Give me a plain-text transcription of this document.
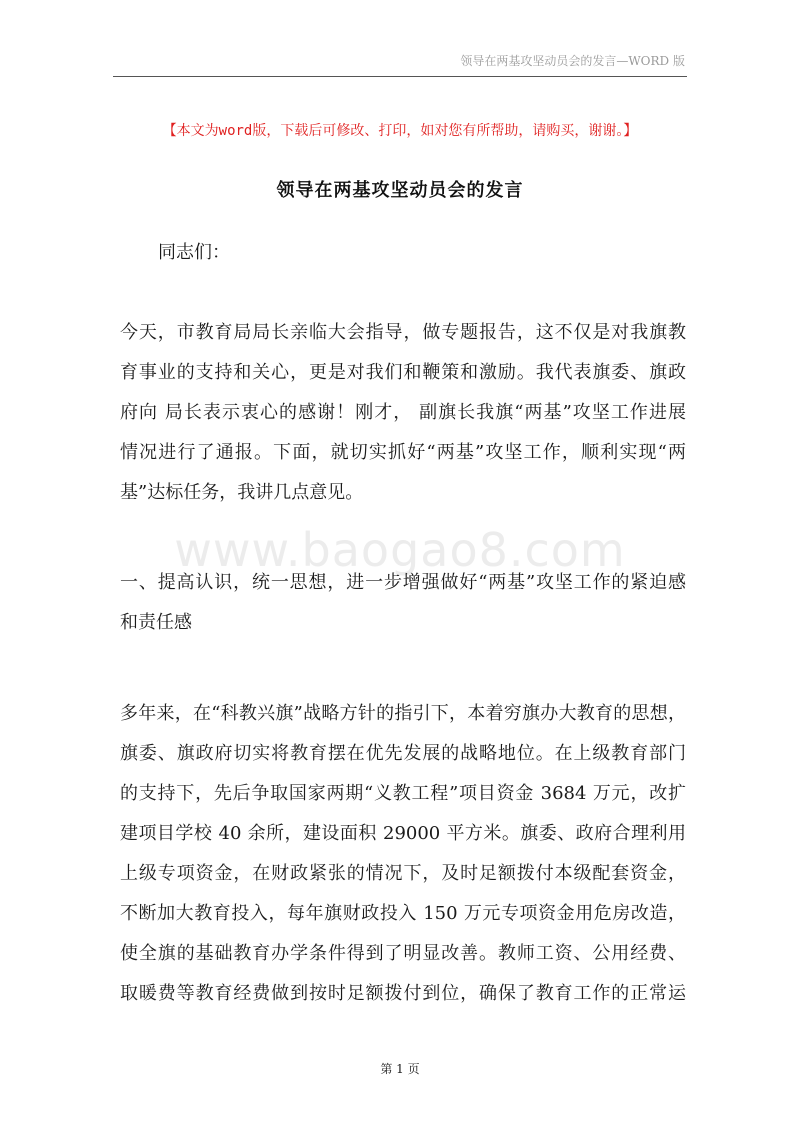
领导在两基攻坚动员会的发言—WORD 版
【本文为word版，下载后可修改、打印，如对您有所帮助，请购买，谢谢。】
www.baogao8.com
领导在两基攻坚动员会的发言
同志们：
今天，市教育局局长亲临大会指导，做专题报告，这不仅是对我旗教
育事业的支持和关心，更是对我们和鞭策和激励。我代表旗委、旗政
府向 局长表示衷心的感谢！刚才， 副旗长我旗“两基”攻坚工作进展
情况进行了通报。下面，就切实抓好“两基”攻坚工作，顺利实现“两
基”达标任务，我讲几点意见。
一、提高认识，统一思想，进一步增强做好“两基”攻坚工作的紧迫感
和责任感
多年来，在“科教兴旗”战略方针的指引下，本着穷旗办大教育的思想，
旗委、旗政府切实将教育摆在优先发展的战略地位。在上级教育部门
的支持下，先后争取国家两期“义教工程”项目资金 3684 万元，改扩
建项目学校 40 余所，建设面积 29000 平方米。旗委、政府合理利用
上级专项资金，在财政紧张的情况下，及时足额拨付本级配套资金，
不断加大教育投入，每年旗财政投入 150 万元专项资金用危房改造，
使全旗的基础教育办学条件得到了明显改善。教师工资、公用经费、
取暖费等教育经费做到按时足额拨付到位，确保了教育工作的正常运
第 1 页
